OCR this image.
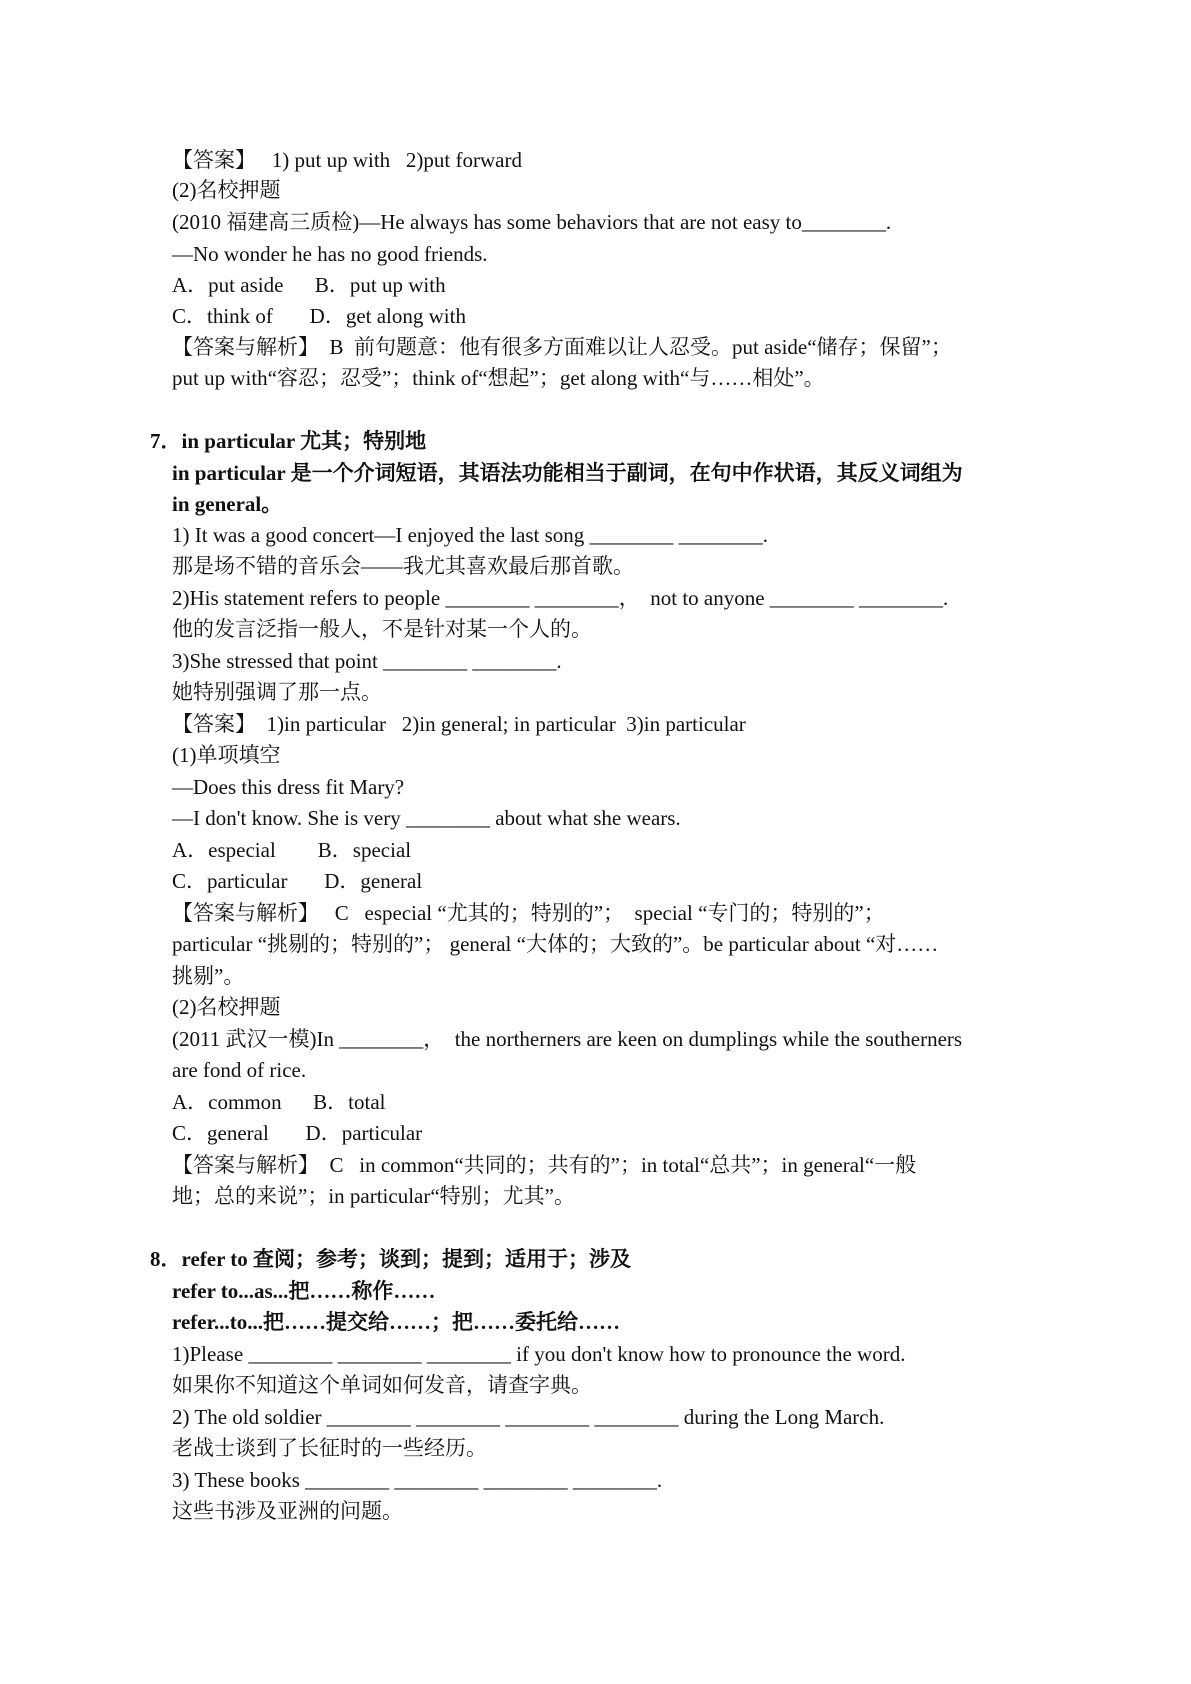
【答案】   1) put up with   2)put forward

(2)名校押题

(2010 福建高三质检)—He always has some behaviors that are not easy to________.

—No wonder he has no good friends.

A．put aside      B．put up with

C．think of       D．get along with

【答案与解析】  B  前句题意：他有很多方面难以让人忍受。put aside“储存；保留”；

put up with“容忍；忍受”；think of“想起”；get along with“与……相处”。

7．in particular 尤其；特别地

in particular 是一个介词短语，其语法功能相当于副词，在句中作状语，其反义词组为

in general。

1) It was a good concert—I enjoyed the last song ________ ________.

那是场不错的音乐会——我尤其喜欢最后那首歌。

2)His statement refers to people ________ ________，  not to anyone ________ ________.

他的发言泛指一般人，不是针对某一个人的。

3)She stressed that point ________ ________.

她特别强调了那一点。

【答案】  1)in particular   2)in general; in particular  3)in particular

(1)单项填空

—Does this dress fit Mary?

—I don't know. She is very ________ about what she wears.

A．especial        B．special

C．particular       D．general

【答案与解析】   C   especial “尤其的；特别的”；  special “专门的；特别的”；

particular “挑剔的；特别的”； general “大体的；大致的”。be particular about “对……

挑剔”。

(2)名校押题

(2011 武汉一模)In ________，  the northerners are keen on dumplings while the southerners

are fond of rice.

A．common      B．total

C．general       D．particular

【答案与解析】  C   in common“共同的；共有的”；in total“总共”；in general“一般

地；总的来说”；in particular“特别；尤其”。

8．refer to 查阅；参考；谈到；提到；适用于；涉及

refer to...as...把……称作……

refer...to...把……提交给……；把……委托给……

1)Please ________ ________ ________ if you don't know how to pronounce the word.

如果你不知道这个单词如何发音，请查字典。

2) The old soldier ________ ________ ________ ________ during the Long March.

老战士谈到了长征时的一些经历。

3) These books ________ ________ ________ ________.

这些书涉及亚洲的问题。
